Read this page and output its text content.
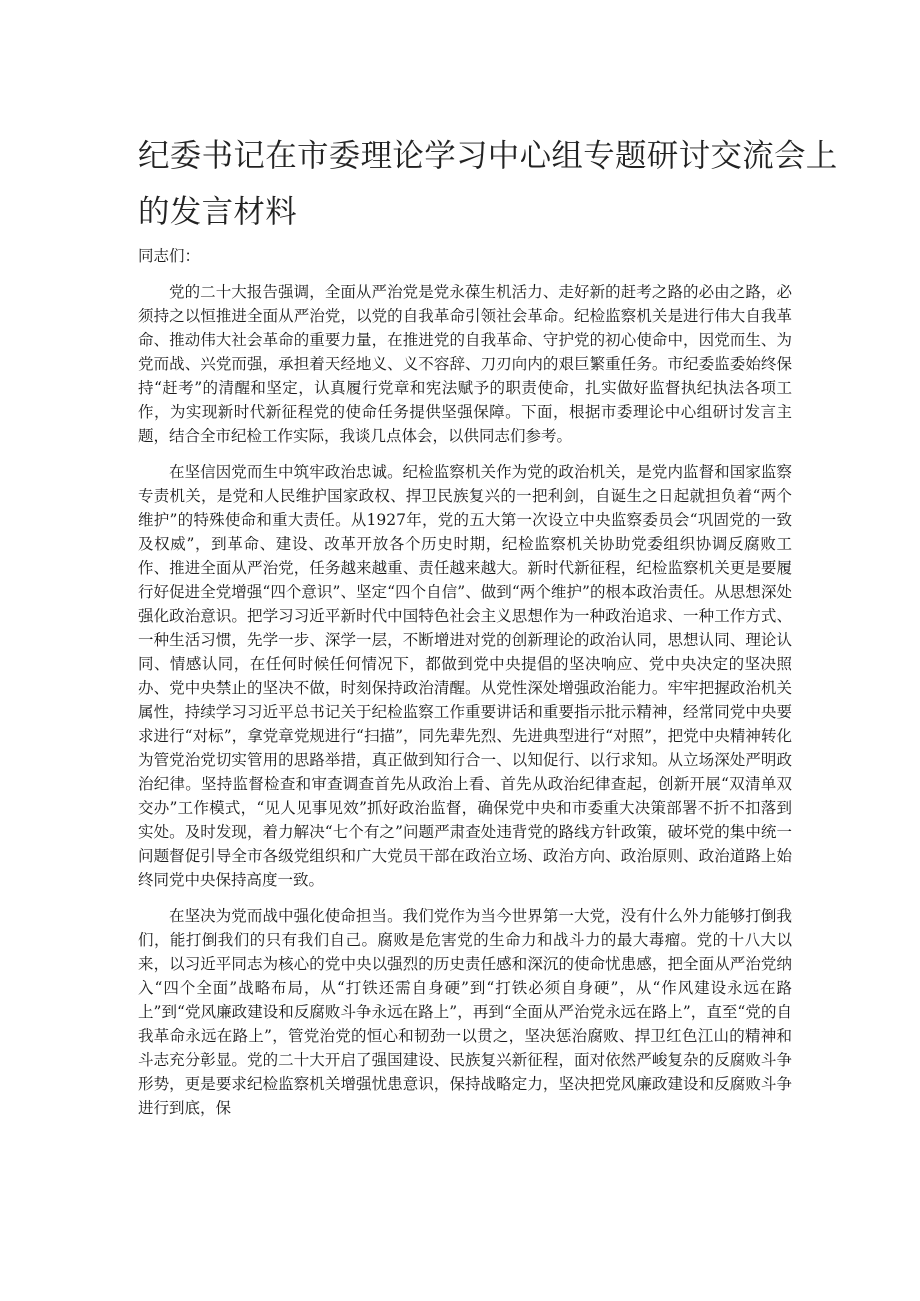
纪委书记在市委理论学习中心组专题研讨交流会上
的发言材料

同志们：

党的二十大报告强调，全面从严治党是党永葆生机活力、走好新的赶考之路的必由之路，必须持之以恒推进全面从严治党，以党的自我革命引领社会革命。纪检监察机关是进行伟大自我革命、推动伟大社会革命的重要力量，在推进党的自我革命、守护党的初心使命中，因党而生、为党而战、兴党而强，承担着天经地义、义不容辞、刀刃向内的艰巨繁重任务。市纪委监委始终保持“赶考”的清醒和坚定，认真履行党章和宪法赋予的职责使命，扎实做好监督执纪执法各项工作，为实现新时代新征程党的使命任务提供坚强保障。下面，根据市委理论中心组研讨发言主题，结合全市纪检工作实际，我谈几点体会，以供同志们参考。

在坚信因党而生中筑牢政治忠诚。纪检监察机关作为党的政治机关，是党内监督和国家监察专责机关，是党和人民维护国家政权、捍卫民族复兴的一把利剑，自诞生之日起就担负着“两个维护”的特殊使命和重大责任。从1927年，党的五大第一次设立中央监察委员会“巩固党的一致及权威”，到革命、建设、改革开放各个历史时期，纪检监察机关协助党委组织协调反腐败工作、推进全面从严治党，任务越来越重、责任越来越大。新时代新征程，纪检监察机关更是要履行好促进全党增强“四个意识”、坚定“四个自信”、做到“两个维护”的根本政治责任。从思想深处强化政治意识。把学习习近平新时代中国特色社会主义思想作为一种政治追求、一种工作方式、一种生活习惯，先学一步、深学一层，不断增进对党的创新理论的政治认同，思想认同、理论认同、情感认同，在任何时候任何情况下，都做到党中央提倡的坚决响应、党中央决定的坚决照办、党中央禁止的坚决不做，时刻保持政治清醒。从党性深处增强政治能力。牢牢把握政治机关属性，持续学习习近平总书记关于纪检监察工作重要讲话和重要指示批示精神，经常同党中央要求进行“对标”，拿党章党规进行“扫描”，同先辈先烈、先进典型进行“对照”，把党中央精神转化为管党治党切实管用的思路举措，真正做到知行合一、以知促行、以行求知。从立场深处严明政治纪律。坚持监督检查和审查调查首先从政治上看、首先从政治纪律查起，创新开展“双清单双交办”工作模式，“见人见事见效”抓好政治监督，确保党中央和市委重大决策部署不折不扣落到实处。及时发现，着力解决“七个有之”问题严肃查处违背党的路线方针政策，破坏党的集中统一问题督促引导全市各级党组织和广大党员干部在政治立场、政治方向、政治原则、政治道路上始终同党中央保持高度一致。

在坚决为党而战中强化使命担当。我们党作为当今世界第一大党，没有什么外力能够打倒我们，能打倒我们的只有我们自己。腐败是危害党的生命力和战斗力的最大毒瘤。党的十八大以来，以习近平同志为核心的党中央以强烈的历史责任感和深沉的使命忧患感，把全面从严治党纳入“四个全面”战略布局，从“打铁还需自身硬”到“打铁必须自身硬”，从“作风建设永远在路上”到“党风廉政建设和反腐败斗争永远在路上”，再到“全面从严治党永远在路上”，直至“党的自我革命永远在路上”，管党治党的恒心和韧劲一以贯之，坚决惩治腐败、捍卫红色江山的精神和斗志充分彰显。党的二十大开启了强国建设、民族复兴新征程，面对依然严峻复杂的反腐败斗争形势，更是要求纪检监察机关增强忧患意识，保持战略定力，坚决把党风廉政建设和反腐败斗争进行到底，保
